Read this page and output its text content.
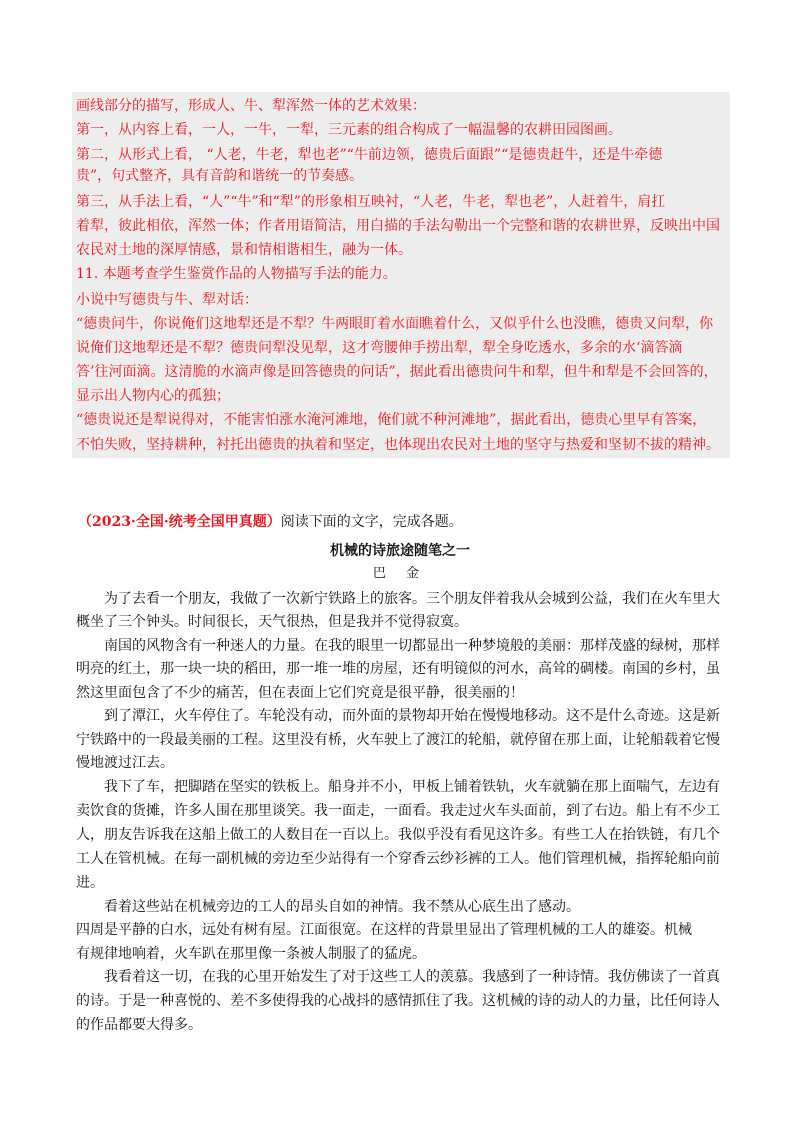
画线部分的描写，形成人、牛、犁浑然一体的艺术效果：

第一，从内容上看，一人，一牛，一犁，三元素的组合构成了一幅温馨的农耕田园图画。

第二，从形式上看， “人老，牛老，犁也老”“牛前边领，德贵后面跟”“是德贵赶牛，还是牛牵德

贵”，句式整齐，具有音韵和谐统一的节奏感。

第三，从手法上看，“人”“牛”和“犁”的形象相互映衬，“人老，牛老，犁也老”，人赶着牛，肩扛

着犁，彼此相依，浑然一体；作者用语简洁，用白描的手法勾勒出一个完整和谐的农耕世界，反映出中国

农民对土地的深厚情感，景和情相谐相生，融为一体。

11. 本题考查学生鉴赏作品的人物描写手法的能力。

小说中写德贵与牛、犁对话：

“德贵问牛，你说俺们这地犁还是不犁？牛两眼盯着水面瞧着什么，又似乎什么也没瞧，德贵又问犁，你

说俺们这地犁还是不犁？德贵问犁没见犁，这才弯腰伸手捞出犁，犁全身吃透水，多余的水‘滴答滴

答’往河面滴。这清脆的水滴声像是回答德贵的问话”，据此看出德贵问牛和犁，但牛和犁是不会回答的，

显示出人物内心的孤独；

“德贵说还是犁说得对，不能害怕涨水淹河滩地，俺们就不种河滩地”，据此看出，德贵心里早有答案，

不怕失败，坚持耕种，衬托出德贵的执着和坚定，也体现出农民对土地的坚守与热爱和坚韧不拔的精神。

（2023·全国·统考全国甲真题）阅读下面的文字，完成各题。
机械的诗旅途随笔之一
巴 金

为了去看一个朋友，我做了一次新宁铁路上的旅客。三个朋友伴着我从会城到公益，我们在火车里大

概坐了三个钟头。时间很长，天气很热，但是我并不觉得寂寞。

南国的风物含有一种迷人的力量。在我的眼里一切都显出一种梦境般的美丽：那样茂盛的绿树，那样

明亮的红土，那一块一块的稻田，那一堆一堆的房屋，还有明镜似的河水，高耸的碉楼。南国的乡村，虽

然这里面包含了不少的痛苦，但在表面上它们究竟是很平静，很美丽的！

到了潭江，火车停住了。车轮没有动，而外面的景物却开始在慢慢地移动。这不是什么奇迹。这是新

宁铁路中的一段最美丽的工程。这里没有桥，火车驶上了渡江的轮船，就停留在那上面，让轮船载着它慢

慢地渡过江去。

我下了车，把脚踏在坚实的铁板上。船身并不小，甲板上铺着铁轨，火车就躺在那上面喘气，左边有

卖饮食的货摊，许多人围在那里谈笑。我一面走，一面看。我走过火车头面前，到了右边。船上有不少工

人，朋友告诉我在这船上做工的人数目在一百以上。我似乎没有看见这许多。有些工人在抬铁链，有几个

工人在管机械。在每一副机械的旁边至少站得有一个穿香云纱衫裤的工人。他们管理机械，指挥轮船向前

进。

看着这些站在机械旁边的工人的昂头自如的神情。我不禁从心底生出了感动。

四周是平静的白水，远处有树有屋。江面很宽。在这样的背景里显出了管理机械的工人的雄姿。机械

有规律地响着，火车趴在那里像一条被人制服了的猛虎。

我看着这一切，在我的心里开始发生了对于这些工人的羡慕。我感到了一种诗情。我仿佛读了一首真

的诗。于是一种喜悦的、差不多使得我的心战抖的感情抓住了我。这机械的诗的动人的力量，比任何诗人

的作品都要大得多。
